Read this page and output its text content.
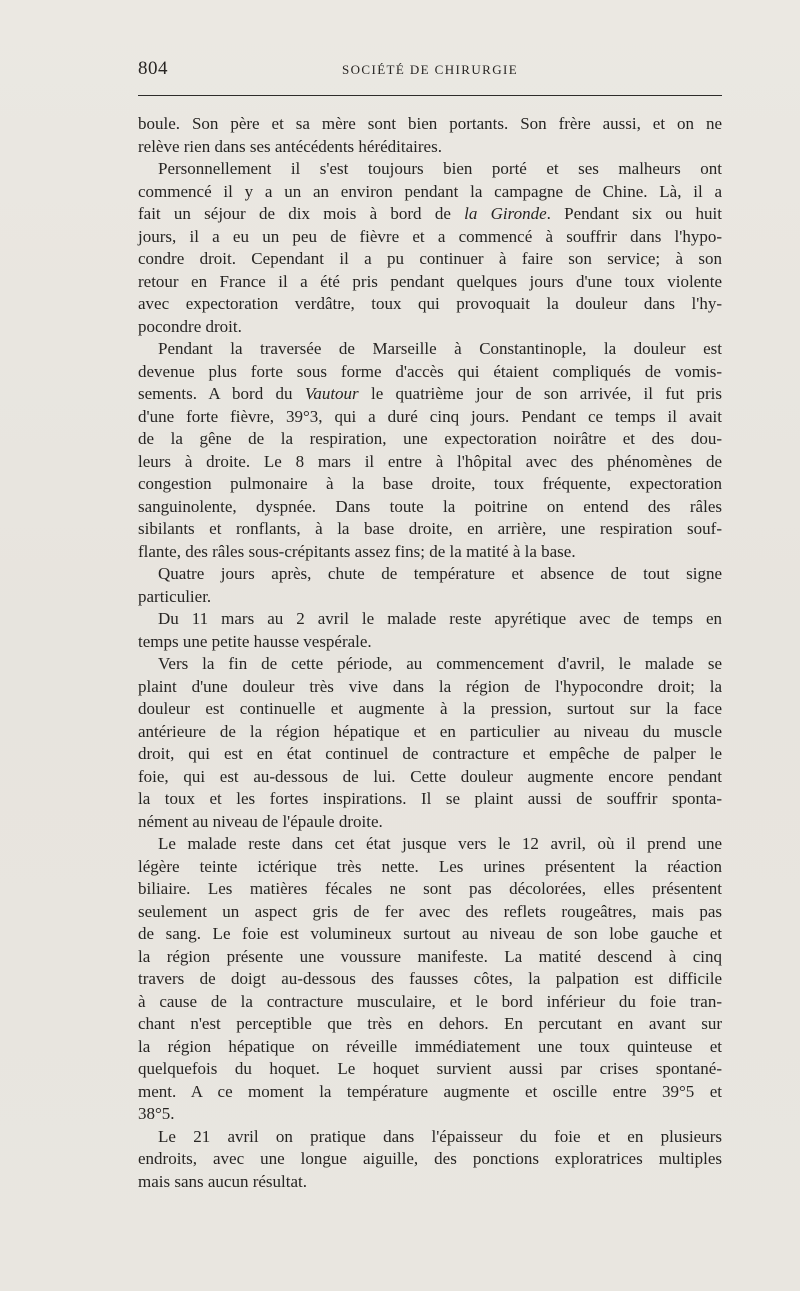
804	SOCIÉTÉ DE CHIRURGIE
boule. Son père et sa mère sont bien portants. Son frère aussi, et on ne
relève rien dans ses antécédents héréditaires.
Personnellement il s'est toujours bien porté et ses malheurs ont
commencé il y a un an environ pendant la campagne de Chine. Là, il a
fait un séjour de dix mois à bord de la Gironde. Pendant six ou huit
jours, il a eu un peu de fièvre et a commencé à souffrir dans l'hypo-
condre droit. Cependant il a pu continuer à faire son service; à son
retour en France il a été pris pendant quelques jours d'une toux violente
avec expectoration verdâtre, toux qui provoquait la douleur dans l'hy-
pocondre droit.
Pendant la traversée de Marseille à Constantinople, la douleur est
devenue plus forte sous forme d'accès qui étaient compliqués de vomis-
sements. A bord du Vautour le quatrième jour de son arrivée, il fut pris
d'une forte fièvre, 39°3, qui a duré cinq jours. Pendant ce temps il avait
de la gêne de la respiration, une expectoration noirâtre et des dou-
leurs à droite. Le 8 mars il entre à l'hôpital avec des phénomènes de
congestion pulmonaire à la base droite, toux fréquente, expectoration
sanguinolente, dyspnée. Dans toute la poitrine on entend des râles
sibilants et ronflants, à la base droite, en arrière, une respiration souf-
flante, des râles sous-crépitants assez fins; de la matité à la base.
Quatre jours après, chute de température et absence de tout signe
particulier.
Du 11 mars au 2 avril le malade reste apyrétique avec de temps en
temps une petite hausse vespérale.
Vers la fin de cette période, au commencement d'avril, le malade se
plaint d'une douleur très vive dans la région de l'hypocondre droit; la
douleur est continuelle et augmente à la pression, surtout sur la face
antérieure de la région hépatique et en particulier au niveau du muscle
droit, qui est en état continuel de contracture et empêche de palper le
foie, qui est au-dessous de lui. Cette douleur augmente encore pendant
la toux et les fortes inspirations. Il se plaint aussi de souffrir sponta-
nément au niveau de l'épaule droite.
Le malade reste dans cet état jusque vers le 12 avril, où il prend une
légère teinte ictérique très nette. Les urines présentent la réaction
biliaire. Les matières fécales ne sont pas décolorées, elles présentent
seulement un aspect gris de fer avec des reflets rougeâtres, mais pas
de sang. Le foie est volumineux surtout au niveau de son lobe gauche et
la région présente une voussure manifeste. La matité descend à cinq
travers de doigt au-dessous des fausses côtes, la palpation est difficile
à cause de la contracture musculaire, et le bord inférieur du foie tran-
chant n'est perceptible que très en dehors. En percutant en avant sur
la région hépatique on réveille immédiatement une toux quinteuse et
quelquefois du hoquet. Le hoquet survient aussi par crises spontané-
ment. A ce moment la température augmente et oscille entre 39°5 et
38°5.
Le 21 avril on pratique dans l'épaisseur du foie et en plusieurs
endroits, avec une longue aiguille, des ponctions exploratrices multiples
mais sans aucun résultat.
